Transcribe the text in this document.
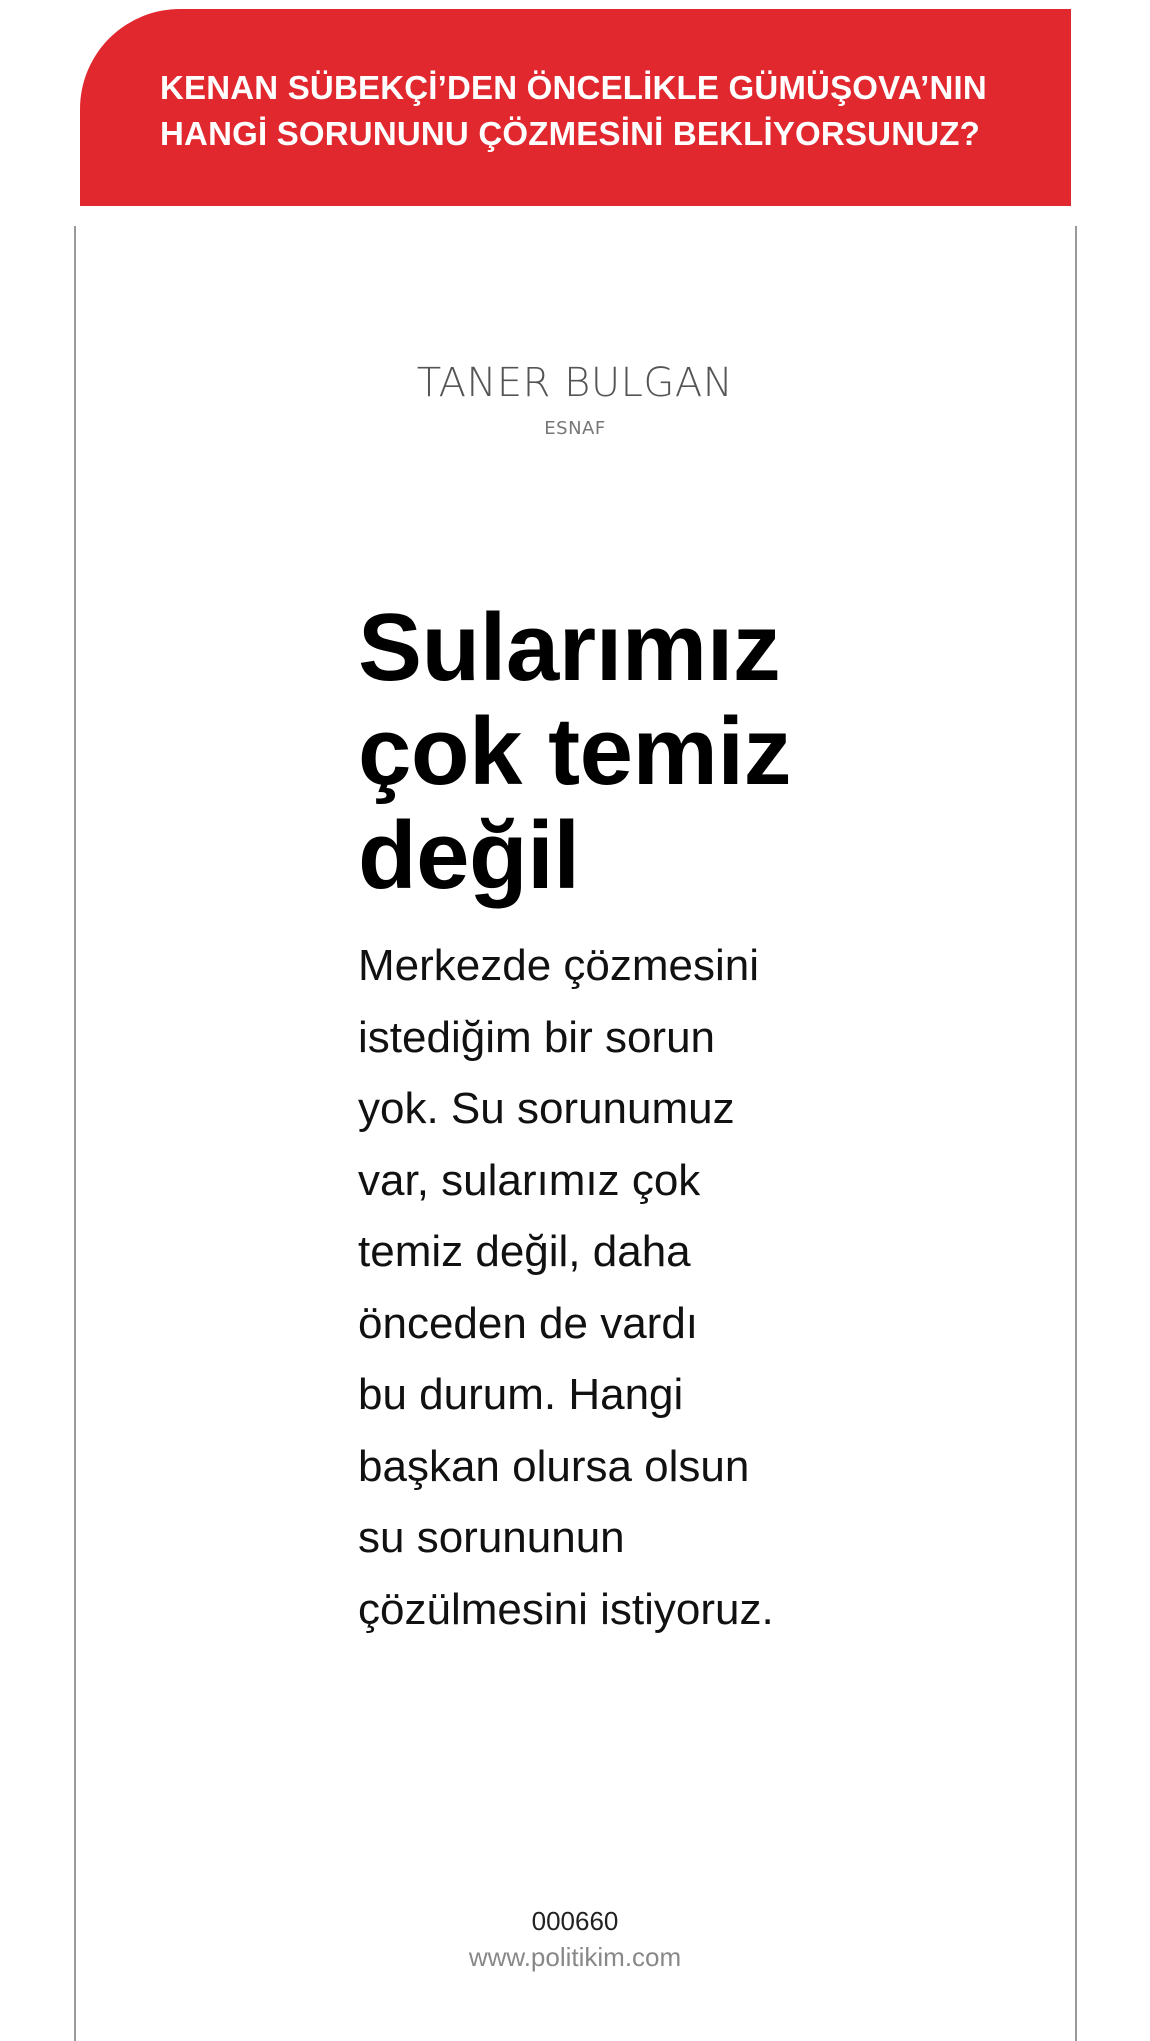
KENAN SÜBEKÇİ’DEN ÖNCELİKLE GÜMÜŞOVA’NIN
HANGİ SORUNUNU ÇÖZMESİNİ BEKLİYORSUNUZ?

TANER BULGAN

ESNAF

Sularımız
çok temiz
değil
Merkezde çözmesini
istediğim bir sorun
yok. Su sorunumuz
var, sularımız çok
temiz değil, daha
önceden de vardı
bu durum. Hangi
başkan olursa olsun
su sorununun
çözülmesini istiyoruz.

000660

www.politikim.com
